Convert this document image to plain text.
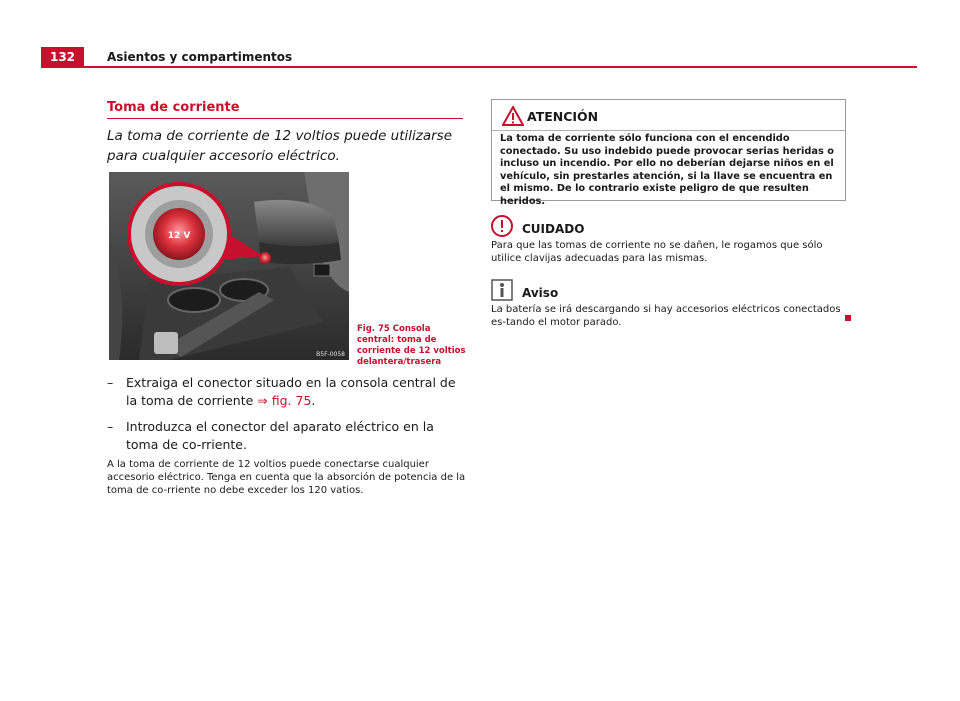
132	Asientos y compartimentos
Toma de corriente
La toma de corriente de 12 voltios puede utilizarse para cualquier accesorio eléctrico.
12 V
B5F-0058
Fig. 75 Consola central: toma de corriente de 12 voltios delantera/trasera
– Extraiga el conector situado en la consola central de la toma de corriente ⇒ fig. 75.
– Introduzca el conector del aparato eléctrico en la toma de co-rriente.
A la toma de corriente de 12 voltios puede conectarse cualquier accesorio eléctrico. Tenga en cuenta que la absorción de potencia de la toma de co-rriente no debe exceder los 120 vatios.
ATENCIÓN
La toma de corriente sólo funciona con el encendido conectado. Su uso indebido puede provocar serias heridas o incluso un incendio. Por ello no deberían dejarse niños en el vehículo, sin prestarles atención, si la llave se encuentra en el mismo. De lo contrario existe peligro de que resulten heridos.
CUIDADO
Para que las tomas de corriente no se dañen, le rogamos que sólo utilice clavijas adecuadas para las mismas.
Aviso
La batería se irá descargando si hay accesorios eléctricos conectados es-tando el motor parado.
